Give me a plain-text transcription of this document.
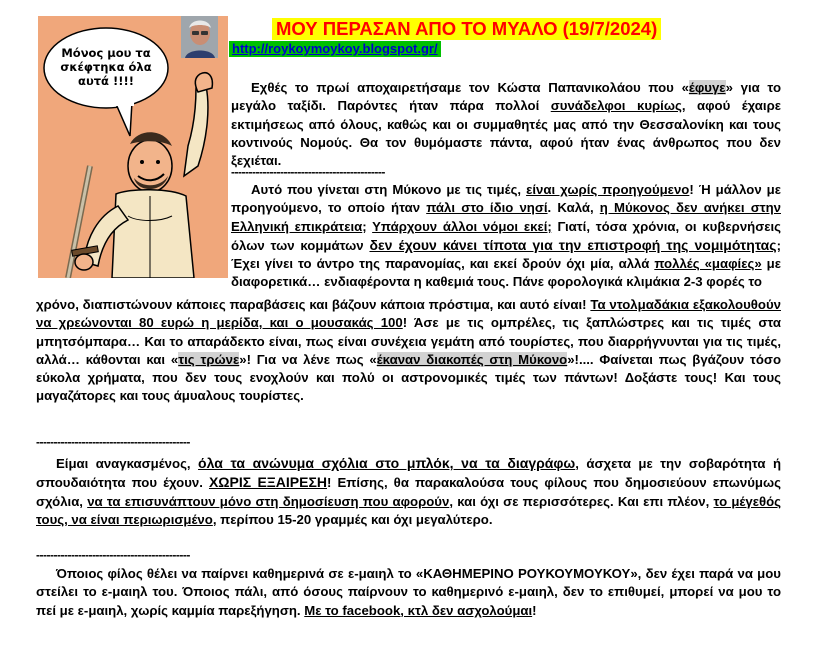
Μόνος μου τα σκέφτηκα όλα αυτά !!!!
ΜΟΥ ΠΕΡΑΣΑΝ ΑΠΟ ΤΟ ΜΥΑΛΟ (19/7/2024)
http://roykoymoykoy.blogspot.gr/
Εχθές το πρωί αποχαιρετήσαμε τον Κώστα Παπανικολάου που «έφυγε» για το μεγάλο ταξίδι. Παρόντες ήταν πάρα πολλοί συνάδελφοι κυρίως, αφού έχαιρε εκτιμήσεως από όλους, καθώς και οι συμμαθητές μας από την Θεσσαλονίκη και τους κοντινούς Νομούς. Θα τον θυμόμαστε πάντα, αφού ήταν ένας άνθρωπος που δεν ξεχιέται.
--------------------------------------------
Αυτό που γίνεται στη Μύκονο με τις τιμές, είναι χωρίς προηγούμενο! Ή μάλλον με προηγούμενο, το οποίο ήταν πάλι στο ίδιο νησί. Καλά, η Μύκονος δεν ανήκει στην Ελληνική επικράτεια; Υπάρχουν άλλοι νόμοι εκεί; Γιατί, τόσα χρόνια, οι κυβερνήσεις όλων των κομμάτων δεν έχουν κάνει τίποτα για την επιστροφή της νομιμότητας; Έχει γίνει το άντρο της παρανομίας, και εκεί δρούν όχι μία, αλλά πολλές «μαφίες» με διαφορετικά… ενδιαφέροντα η καθεμιά τους. Πάνε φορολογικά κλιμάκια 2-3 φορές το
χρόνο, διαπιστώνουν κάποιες παραβάσεις και βάζουν κάποια πρόστιμα, και αυτό είναι! Τα ντολμαδάκια εξακολουθούν να χρεώνονται 80 ευρώ η μερίδα, και ο μουσακάς 100! Άσε με τις ομπρέλες, τις ξαπλώστρες και τις τιμές στα μπητσόμπαρα… Και το απαράδεκτο είναι, πως είναι συνέχεια γεμάτη από τουρίστες, που διαρρήγνυνται για τις τιμές, αλλά… κάθονται και «τις τρώνε»! Για να λένε πως «έκαναν διακοπές στη Μύκονο»!.... Φαίνεται πως βγάζουν τόσο εύκολα χρήματα, που δεν τους ενοχλούν και πολύ οι αστρονομικές τιμές των πάντων! Δοξάστε τους! Και τους μαγαζάτορες και τους άμυαλους τουρίστες.
--------------------------------------------
Είμαι αναγκασμένος, όλα τα ανώνυμα σχόλια στο μπλόκ, να τα διαγράφω, άσχετα με την σοβαρότητα ή σπουδαιότητα που έχουν. ΧΩΡΙΣ ΕΞΑΙΡΕΣΗ! Επίσης, θα παρακαλούσα τους φίλους που δημοσιεύουν επωνύμως σχόλια, να τα επισυνάπτουν μόνο στη δημοσίευση που αφορούν, και όχι σε περισσότερες. Και επι πλέον, το μέγεθός τους, να είναι περιωρισμένο, περίπου 15-20 γραμμές και όχι μεγαλύτερο.
--------------------------------------------
Όποιος φίλος θέλει να παίρνει καθημερινά σε ε-μαιηλ το «ΚΑΘΗΜΕΡΙΝΟ ΡΟΥΚΟΥΜΟΥΚΟΥ», δεν έχει παρά να μου στείλει το ε-μαιηλ του. Όποιος πάλι, από όσους παίρνουν το καθημερινό ε-μαιηλ, δεν το επιθυμεί, μπορεί να μου το πεί με ε-μαιηλ, χωρίς καμμία παρεξήγηση. Με το facebook, κτλ δεν ασχολούμαι!
